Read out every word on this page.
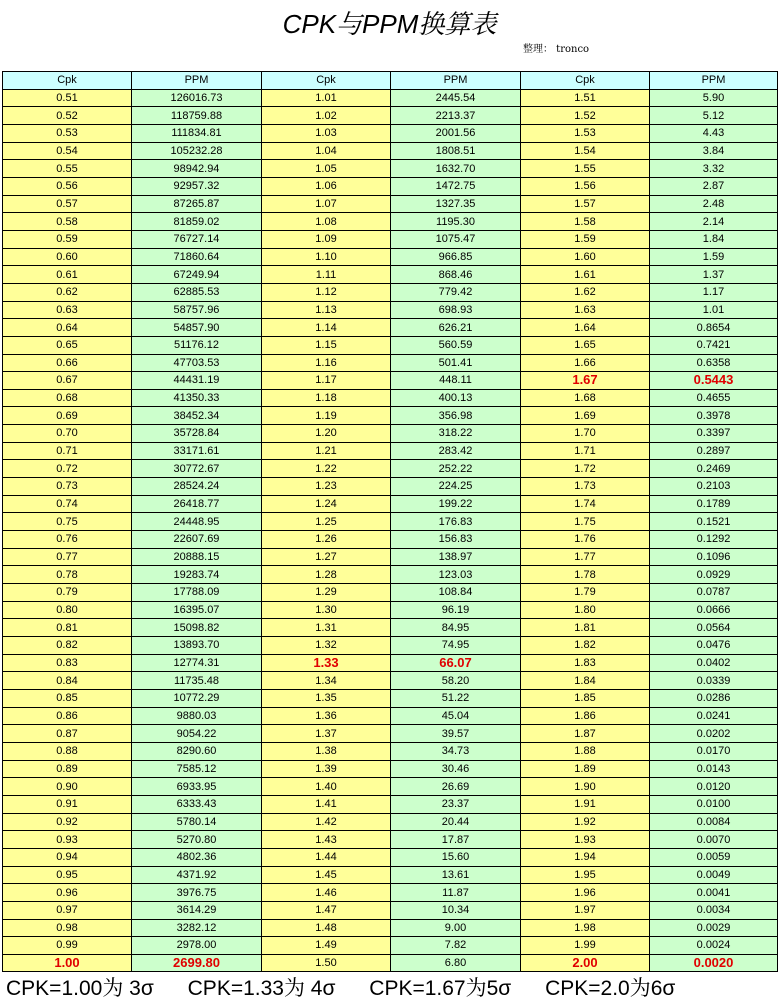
CPK与PPM换算表
整理： tronco
Cpk	PPM	Cpk	PPM	Cpk	PPM
0.51	126016.73	1.01	2445.54	1.51	5.90
0.52	118759.88	1.02	2213.37	1.52	5.12
0.53	111834.81	1.03	2001.56	1.53	4.43
0.54	105232.28	1.04	1808.51	1.54	3.84
0.55	98942.94	1.05	1632.70	1.55	3.32
0.56	92957.32	1.06	1472.75	1.56	2.87
0.57	87265.87	1.07	1327.35	1.57	2.48
0.58	81859.02	1.08	1195.30	1.58	2.14
0.59	76727.14	1.09	1075.47	1.59	1.84
0.60	71860.64	1.10	966.85	1.60	1.59
0.61	67249.94	1.11	868.46	1.61	1.37
0.62	62885.53	1.12	779.42	1.62	1.17
0.63	58757.96	1.13	698.93	1.63	1.01
0.64	54857.90	1.14	626.21	1.64	0.8654
0.65	51176.12	1.15	560.59	1.65	0.7421
0.66	47703.53	1.16	501.41	1.66	0.6358
0.67	44431.19	1.17	448.11	1.67	0.5443
0.68	41350.33	1.18	400.13	1.68	0.4655
0.69	38452.34	1.19	356.98	1.69	0.3978
0.70	35728.84	1.20	318.22	1.70	0.3397
0.71	33171.61	1.21	283.42	1.71	0.2897
0.72	30772.67	1.22	252.22	1.72	0.2469
0.73	28524.24	1.23	224.25	1.73	0.2103
0.74	26418.77	1.24	199.22	1.74	0.1789
0.75	24448.95	1.25	176.83	1.75	0.1521
0.76	22607.69	1.26	156.83	1.76	0.1292
0.77	20888.15	1.27	138.97	1.77	0.1096
0.78	19283.74	1.28	123.03	1.78	0.0929
0.79	17788.09	1.29	108.84	1.79	0.0787
0.80	16395.07	1.30	96.19	1.80	0.0666
0.81	15098.82	1.31	84.95	1.81	0.0564
0.82	13893.70	1.32	74.95	1.82	0.0476
0.83	12774.31	1.33	66.07	1.83	0.0402
0.84	11735.48	1.34	58.20	1.84	0.0339
0.85	10772.29	1.35	51.22	1.85	0.0286
0.86	9880.03	1.36	45.04	1.86	0.0241
0.87	9054.22	1.37	39.57	1.87	0.0202
0.88	8290.60	1.38	34.73	1.88	0.0170
0.89	7585.12	1.39	30.46	1.89	0.0143
0.90	6933.95	1.40	26.69	1.90	0.0120
0.91	6333.43	1.41	23.37	1.91	0.0100
0.92	5780.14	1.42	20.44	1.92	0.0084
0.93	5270.80	1.43	17.87	1.93	0.0070
0.94	4802.36	1.44	15.60	1.94	0.0059
0.95	4371.92	1.45	13.61	1.95	0.0049
0.96	3976.75	1.46	11.87	1.96	0.0041
0.97	3614.29	1.47	10.34	1.97	0.0034
0.98	3282.12	1.48	9.00	1.98	0.0029
0.99	2978.00	1.49	7.82	1.99	0.0024
1.00	2699.80	1.50	6.80	2.00	0.0020
CPK=1.00为 3σ CPK=1.33为 4σ CPK=1.67为5σ CPK=2.0为6σ
